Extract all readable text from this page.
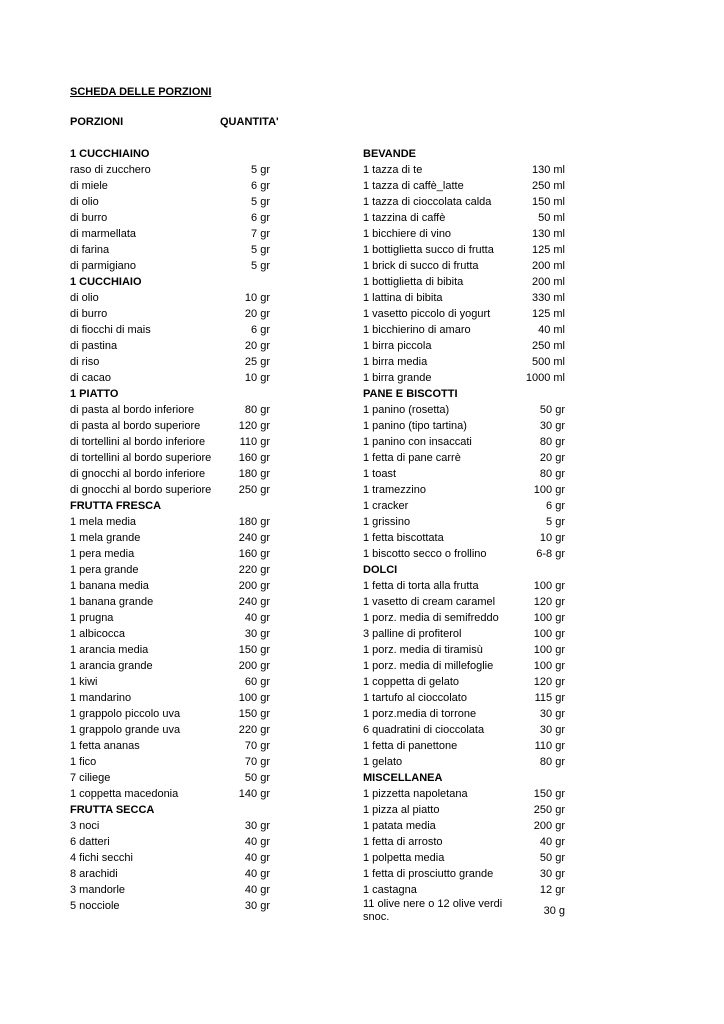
SCHEDA DELLE PORZIONI
PORZIONI	QUANTITA'
1 CUCCHIAINO
raso di zucchero	5 gr
di miele	6 gr
di olio	5 gr
di burro	6 gr
di marmellata	7 gr
di farina	5 gr
di parmigiano	5 gr
1 CUCCHIAIO
di olio	10 gr
di burro	20 gr
di fiocchi di mais	6 gr
di pastina	20 gr
di riso	25 gr
di cacao	10 gr
1 PIATTO
di pasta al bordo inferiore	80 gr
di pasta al bordo superiore	120 gr
di tortellini al bordo inferiore	110 gr
di tortellini al bordo superiore	160 gr
di gnocchi al bordo inferiore	180 gr
di gnocchi al bordo superiore	250 gr
FRUTTA FRESCA
1 mela media	180 gr
1 mela grande	240 gr
1 pera media	160 gr
1 pera grande	220 gr
1 banana media	200 gr
1 banana grande	240 gr
1 prugna	40 gr
1 albicocca	30 gr
1 arancia media	150 gr
1 arancia grande	200 gr
1 kiwi	60 gr
1 mandarino	100 gr
1 grappolo piccolo uva	150 gr
1 grappolo grande uva	220 gr
1 fetta ananas	70 gr
1 fico	70 gr
7 ciliege	50 gr
1 coppetta macedonia	140 gr
FRUTTA SECCA
3 noci	30 gr
6 datteri	40 gr
4 fichi secchi	40 gr
8 arachidi	40 gr
3 mandorle	40 gr
5 nocciole	30 gr
BEVANDE
1 tazza di te	130 ml
1 tazza di caffè_latte	250 ml
1 tazza di cioccolata calda	150 ml
1 tazzina di caffè	50 ml
1 bicchiere di vino	130 ml
1 bottiglietta succo di frutta	125 ml
1 brick di succo di frutta	200 ml
1 bottiglietta di bibita	200 ml
1 lattina di bibita	330 ml
1 vasetto piccolo di yogurt	125 ml
1 bicchierino di amaro	40 ml
1 birra piccola	250 ml
1 birra media	500 ml
1 birra grande	1000 ml
PANE E BISCOTTI
1 panino (rosetta)	50 gr
1 panino (tipo tartina)	30 gr
1 panino con insaccati	80 gr
1 fetta di pane carrè	20 gr
1 toast	80 gr
1 tramezzino	100 gr
1 cracker	6 gr
1 grissino	5 gr
1 fetta biscottata	10 gr
1 biscotto secco o frollino	6-8 gr
DOLCI
1 fetta di torta alla frutta	100 gr
1 vasetto di cream caramel	120 gr
1 porz. media di semifreddo	100 gr
3 palline di profiterol	100 gr
1 porz. media di tiramisù	100 gr
1 porz. media di millefoglie	100 gr
1 coppetta di gelato	120 gr
1 tartufo al cioccolato	115 gr
1 porz.media di torrone	30 gr
6 quadratini di cioccolata	30 gr
1 fetta di panettone	110 gr
1 gelato	80 gr
MISCELLANEA
1 pizzetta napoletana	150 gr
1 pizza al piatto	250 gr
1 patata media	200 gr
1 fetta di arrosto	40 gr
1 polpetta media	50 gr
1 fetta di prosciutto grande	30 gr
1 castagna	12 gr
11 olive nere o 12 olive verdi snoc.	30 g
